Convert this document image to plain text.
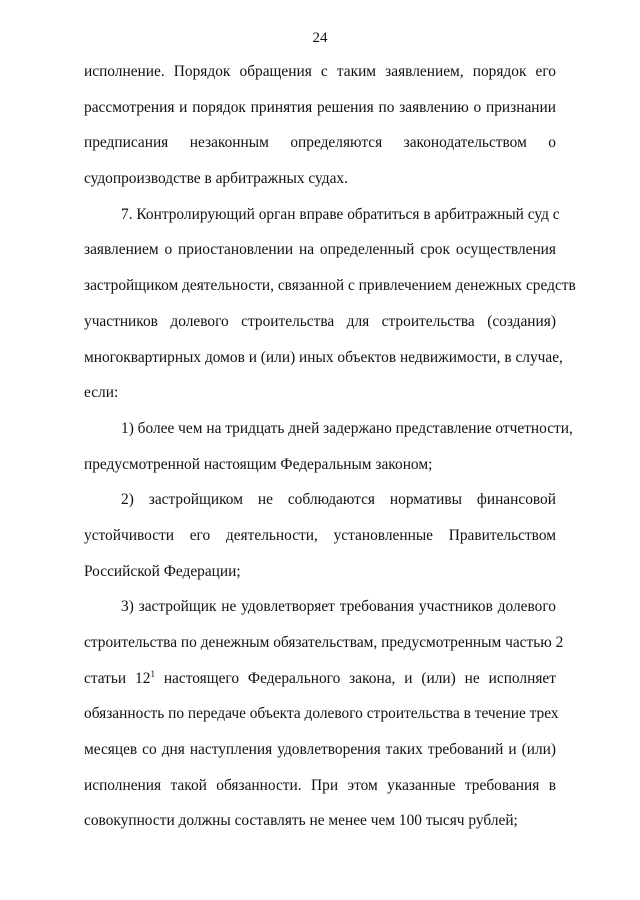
24
исполнение. Порядок обращения с таким заявлением, порядок его
рассмотрения и порядок принятия решения по заявлению о признании
предписания незаконным определяются законодательством о
судопроизводстве в арбитражных судах.
7. Контролирующий орган вправе обратиться в арбитражный суд с
заявлением о приостановлении на определенный срок осуществления
застройщиком деятельности, связанной с привлечением денежных средств
участников долевого строительства для строительства (создания)
многоквартирных домов и (или) иных объектов недвижимости, в случае,
если:
1) более чем на тридцать дней задержано представление отчетности,
предусмотренной настоящим Федеральным законом;
2) застройщиком не соблюдаются нормативы финансовой
устойчивости его деятельности, установленные Правительством
Российской Федерации;
3) застройщик не удовлетворяет требования участников долевого
строительства по денежным обязательствам, предусмотренным частью 2
статьи $12^1$ настоящего Федерального закона, и (или) не исполняет
обязанность по передаче объекта долевого строительства в течение трех
месяцев со дня наступления удовлетворения таких требований и (или)
исполнения такой обязанности. При этом указанные требования в
совокупности должны составлять не менее чем 100 тысяч рублей;
